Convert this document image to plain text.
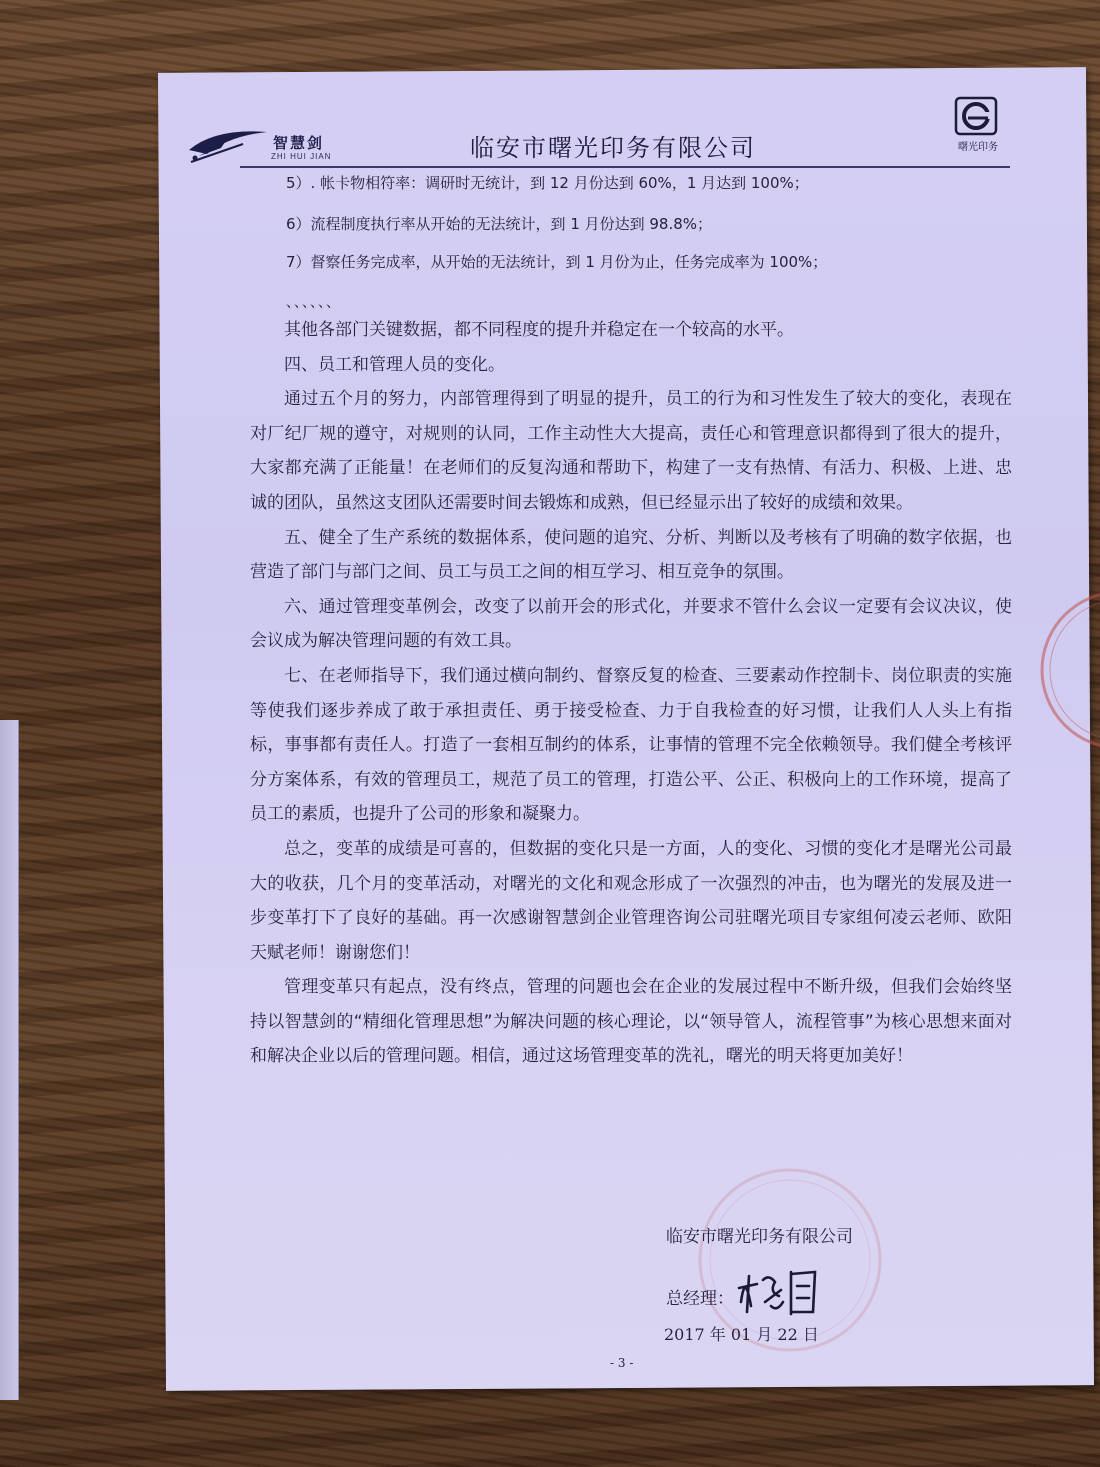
智慧剑
ZHI HUI JIAN	临安市曙光印务有限公司	曙光印务
5）. 帐卡物相符率：调研时无统计，到 12 月份达到 60%，1 月达到 100%；
6）流程制度执行率从开始的无法统计，到 1 月份达到 98.8%；
7）督察任务完成率，从开始的无法统计，到 1 月份为止，任务完成率为 100%；
、、、、、、

其他各部门关键数据，都不同程度的提升并稳定在一个较高的水平。

四、员工和管理人员的变化。

通过五个月的努力，内部管理得到了明显的提升，员工的行为和习性发生了较大的变化，表现在对厂纪厂规的遵守，对规则的认同，工作主动性大大提高，责任心和管理意识都得到了很大的提升，大家都充满了正能量！在老师们的反复沟通和帮助下，构建了一支有热情、有活力、积极、上进、忠诚的团队，虽然这支团队还需要时间去锻炼和成熟，但已经显示出了较好的成绩和效果。

五、健全了生产系统的数据体系，使问题的追究、分析、判断以及考核有了明确的数字依据，也营造了部门与部门之间、员工与员工之间的相互学习、相互竞争的氛围。

六、通过管理变革例会，改变了以前开会的形式化，并要求不管什么会议一定要有会议决议，使会议成为解决管理问题的有效工具。

七、在老师指导下，我们通过横向制约、督察反复的检查、三要素动作控制卡、岗位职责的实施等使我们逐步养成了敢于承担责任、勇于接受检查、力于自我检查的好习惯，让我们人人头上有指标，事事都有责任人。打造了一套相互制约的体系，让事情的管理不完全依赖领导。我们健全考核评分方案体系，有效的管理员工，规范了员工的管理，打造公平、公正、积极向上的工作环境，提高了员工的素质，也提升了公司的形象和凝聚力。

总之，变革的成绩是可喜的，但数据的变化只是一方面，人的变化、习惯的变化才是曙光公司最大的收获，几个月的变革活动，对曙光的文化和观念形成了一次强烈的冲击，也为曙光的发展及进一步变革打下了良好的基础。再一次感谢智慧剑企业管理咨询公司驻曙光项目专家组何凌云老师、欧阳天赋老师！谢谢您们！

管理变革只有起点，没有终点，管理的问题也会在企业的发展过程中不断升级，但我们会始终坚持以智慧剑的“精细化管理思想”为解决问题的核心理论，以“领导管人，流程管事”为核心思想来面对和解决企业以后的管理问题。相信，通过这场管理变革的洗礼，曙光的明天将更加美好！

临安市曙光印务有限公司
总经理：
2017 年 01 月 22 日
- 3 -
